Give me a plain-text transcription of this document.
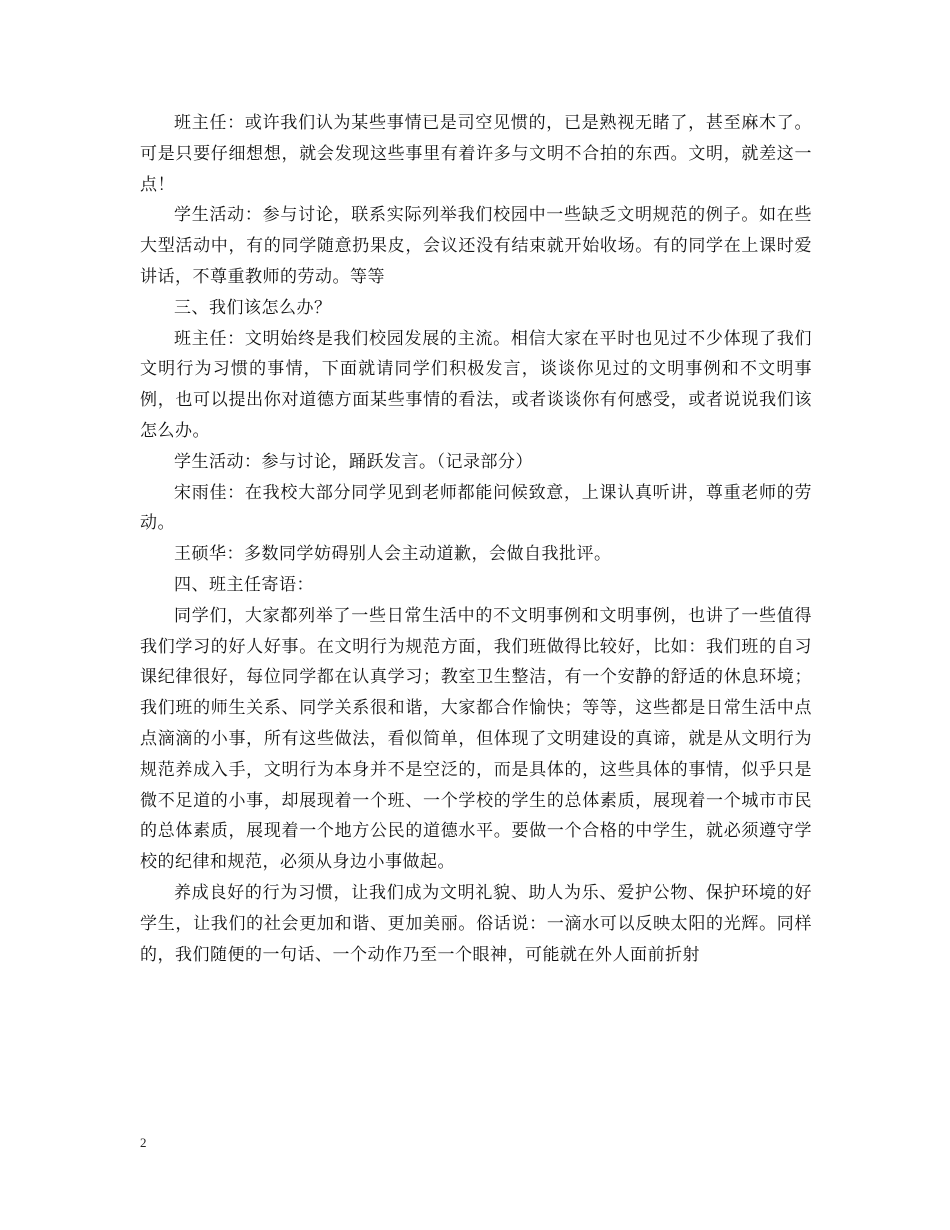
班主任：或许我们认为某些事情已是司空见惯的，已是熟视无睹了，甚至麻木了。可是只要仔细想想，就会发现这些事里有着许多与文明不合拍的东西。文明，就差这一点！

学生活动：参与讨论，联系实际列举我们校园中一些缺乏文明规范的例子。如在些大型活动中，有的同学随意扔果皮，会议还没有结束就开始收场。有的同学在上课时爱讲话，不尊重教师的劳动。等等

三、我们该怎么办？

班主任：文明始终是我们校园发展的主流。相信大家在平时也见过不少体现了我们文明行为习惯的事情，下面就请同学们积极发言，谈谈你见过的文明事例和不文明事例，也可以提出你对道德方面某些事情的看法，或者谈谈你有何感受，或者说说我们该怎么办。

学生活动：参与讨论，踊跃发言。（记录部分）

宋雨佳：在我校大部分同学见到老师都能问候致意，上课认真听讲，尊重老师的劳动。

王硕华：多数同学妨碍别人会主动道歉，会做自我批评。

四、班主任寄语：

同学们，大家都列举了一些日常生活中的不文明事例和文明事例，也讲了一些值得我们学习的好人好事。在文明行为规范方面，我们班做得比较好，比如：我们班的自习课纪律很好，每位同学都在认真学习；教室卫生整洁，有一个安静的舒适的休息环境；我们班的师生关系、同学关系很和谐，大家都合作愉快；等等，这些都是日常生活中点点滴滴的小事，所有这些做法，看似简单，但体现了文明建设的真谛，就是从文明行为规范养成入手，文明行为本身并不是空泛的，而是具体的，这些具体的事情，似乎只是微不足道的小事，却展现着一个班、一个学校的学生的总体素质，展现着一个城市市民的总体素质，展现着一个地方公民的道德水平。要做一个合格的中学生，就必须遵守学校的纪律和规范，必须从身边小事做起。

养成良好的行为习惯，让我们成为文明礼貌、助人为乐、爱护公物、保护环境的好学生，让我们的社会更加和谐、更加美丽。俗话说：一滴水可以反映太阳的光辉。同样的，我们随便的一句话、一个动作乃至一个眼神，可能就在外人面前折射

2
